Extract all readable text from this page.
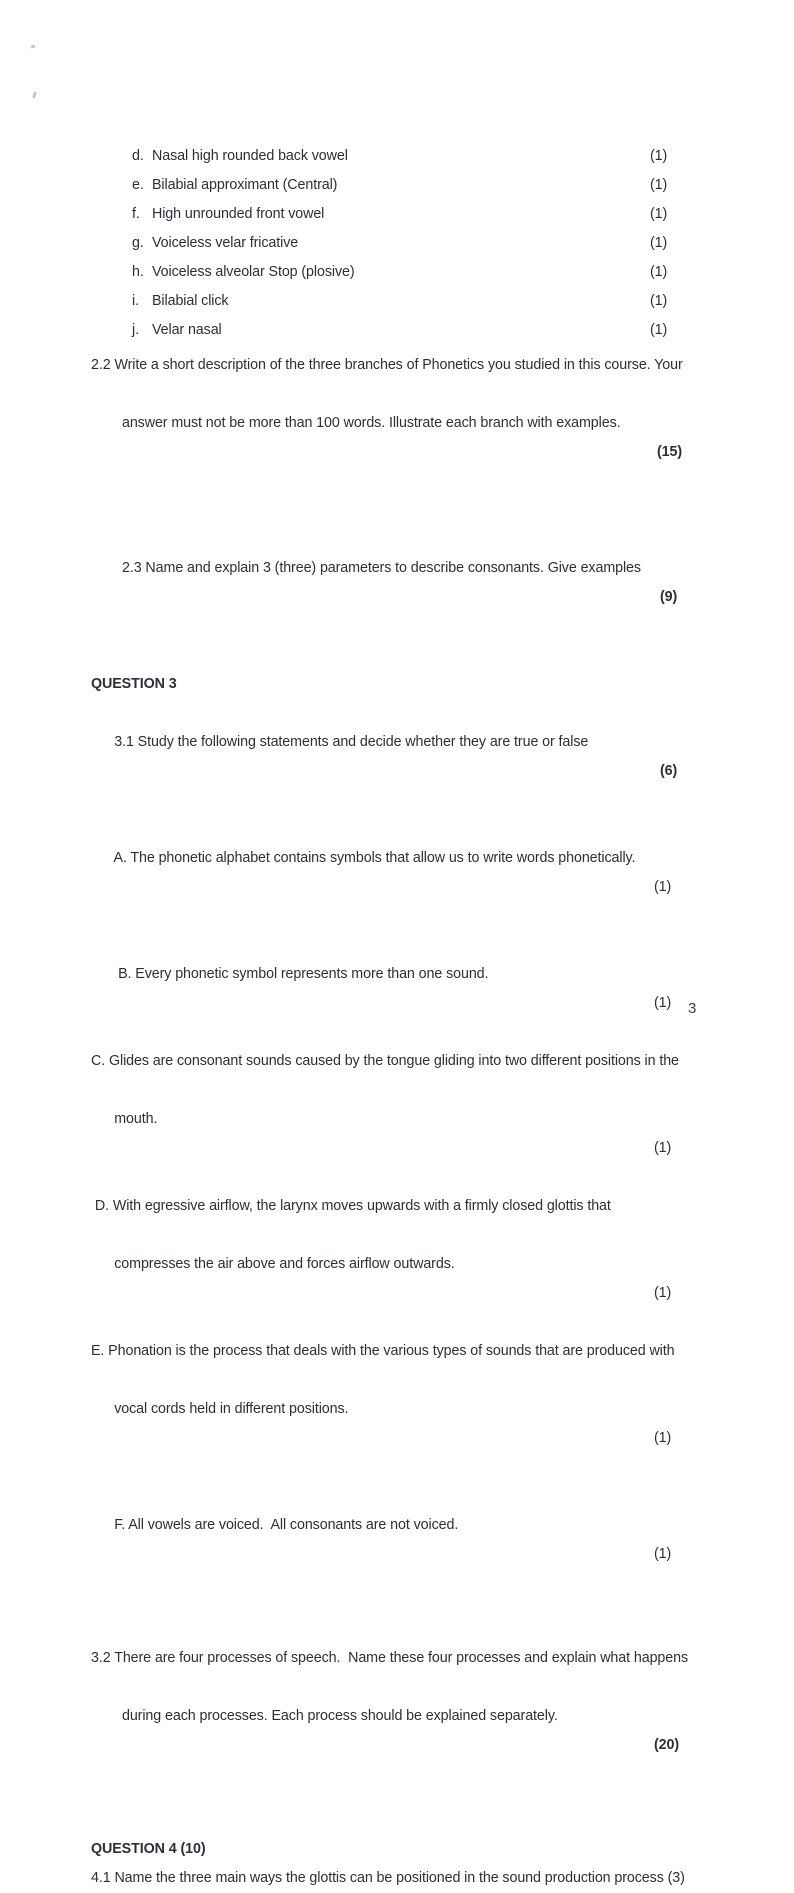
d. Nasal high rounded back vowel	(1)
e. Bilabial approximant (Central)	(1)
f. High unrounded front vowel	(1)
g. Voiceless velar fricative	(1)
h. Voiceless alveolar Stop (plosive)	(1)
i. Bilabial click	(1)
j. Velar nasal	(1)
2.2 Write a short description of the three branches of Phonetics you studied in this course. Your

answer must not be more than 100 words. Illustrate each branch with examples.

(15)

2.3 Name and explain 3 (three) parameters to describe consonants. Give examples

(9)

QUESTION 3

3.1 Study the following statements and decide whether they are true or false

(6)

A. The phonetic alphabet contains symbols that allow us to write words phonetically.

(1)

B. Every phonetic symbol represents more than one sound.

(1)

C. Glides are consonant sounds caused by the tongue gliding into two different positions in the

mouth.

(1)

D. With egressive airflow, the larynx moves upwards with a firmly closed glottis that

compresses the air above and forces airflow outwards.

(1)

E. Phonation is the process that deals with the various types of sounds that are produced with

vocal cords held in different positions.

(1)

F. All vowels are voiced.  All consonants are not voiced.

(1)

3.2 There are four processes of speech.  Name these four processes and explain what happens

during each processes. Each process should be explained separately.

(20)

QUESTION 4 (10)
4.1 Name the three main ways the glottis can be positioned in the sound production process (3)
3
